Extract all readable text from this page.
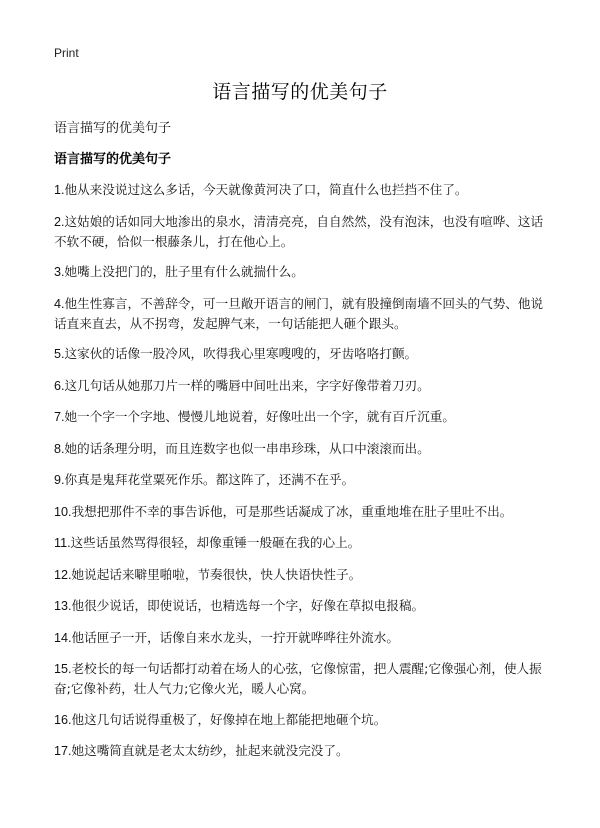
Print
语言描写的优美句子
语言描写的优美句子
语言描写的优美句子
1.他从来没说过这么多话，今天就像黄河决了口，简直什么也拦挡不住了。
2.这姑娘的话如同大地渗出的泉水，清清亮亮，自自然然，没有泡沫，也没有喧哗、这话不软不硬，恰似一根藤条儿，打在他心上。
3.她嘴上没把门的，肚子里有什么就揣什么。
4.他生性寡言，不善辞令，可一旦敞开语言的闸门，就有股撞倒南墙不回头的气势、他说话直来直去，从不拐弯，发起脾气来，一句话能把人砸个跟头。
5.这家伙的话像一股冷风，吹得我心里寒嗖嗖的，牙齿咯咯打颤。
6.这几句话从她那刀片一样的嘴唇中间吐出来，字字好像带着刀刃。
7.她一个字一个字地、慢慢儿地说着，好像吐出一个字，就有百斤沉重。
8.她的话条理分明，而且连数字也似一串串珍珠，从口中滚滚而出。
9.你真是鬼拜花堂粟死作乐。都这阵了，还满不在乎。
10.我想把那件不幸的事告诉他，可是那些话凝成了冰，重重地堆在肚子里吐不出。
11.这些话虽然骂得很轻，却像重锤一般砸在我的心上。
12.她说起话来噼里啪啦，节奏很快，快人快语快性子。
13.他很少说话，即使说话，也精选每一个字，好像在草拟电报稿。
14.他话匣子一开，话像自来水龙头，一拧开就哗哗往外流水。
15.老校长的每一句话都打动着在场人的心弦，它像惊雷，把人震醒;它像强心剂，使人振奋;它像补药，壮人气力;它像火光，暖人心窝。
16.他这几句话说得重极了，好像掉在地上都能把地砸个坑。
17.她这嘴简直就是老太太纺纱，扯起来就没完没了。
